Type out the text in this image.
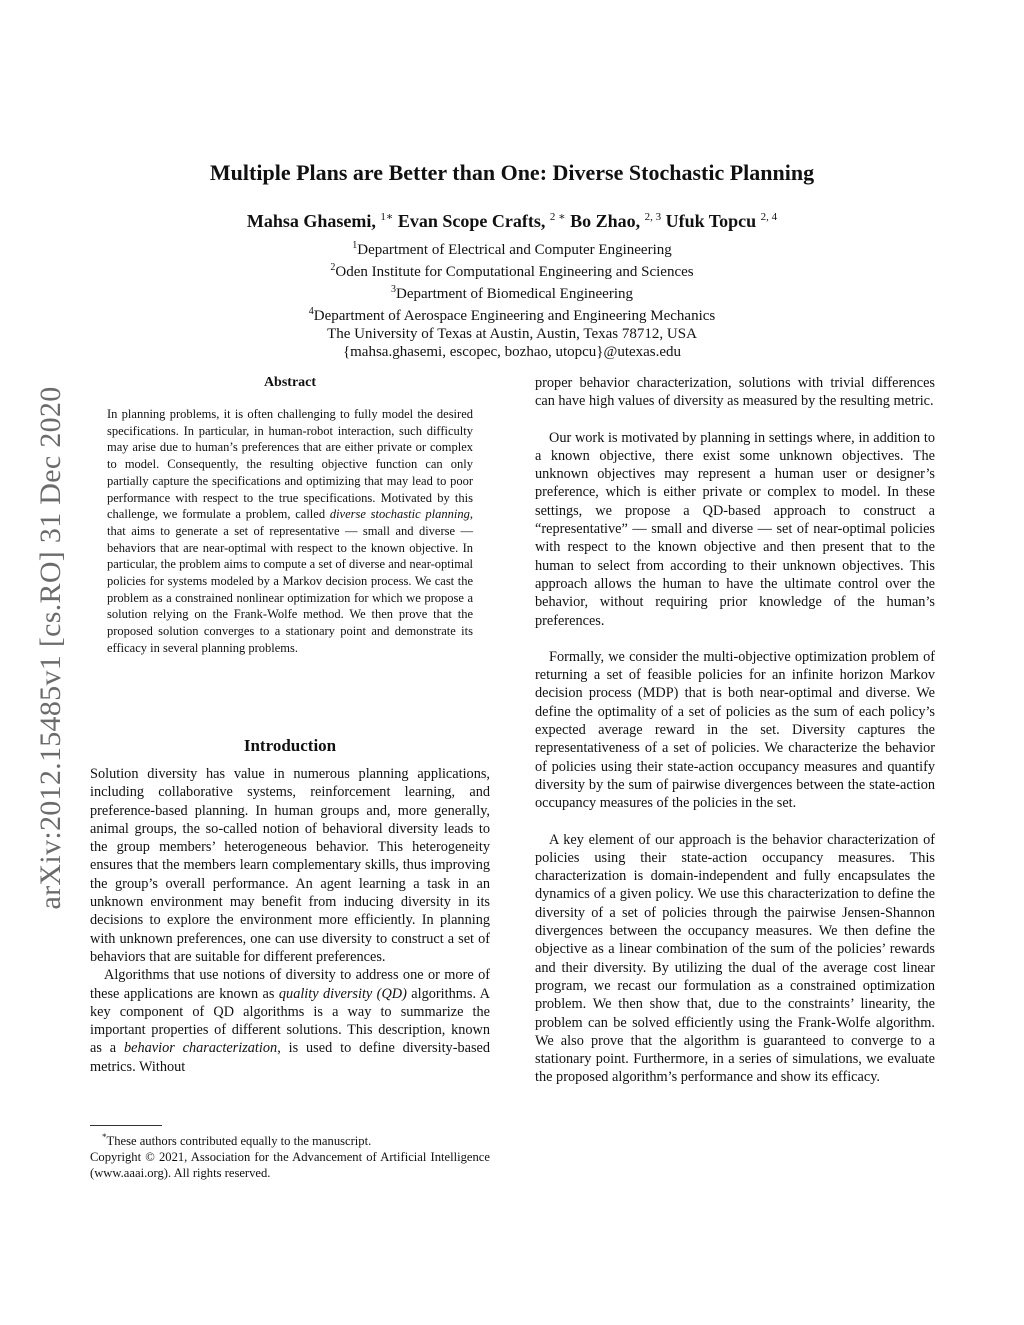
arXiv:2012.15485v1 [cs.RO] 31 Dec 2020
Multiple Plans are Better than One: Diverse Stochastic Planning
Mahsa Ghasemi, $^{1∗}$ Evan Scope Crafts, $^{2 ∗}$ Bo Zhao, $^{2, 3}$ Ufuk Topcu $^{2, 4}$
$^1$Department of Electrical and Computer Engineering
$^2$Oden Institute for Computational Engineering and Sciences
$^3$Department of Biomedical Engineering
$^4$Department of Aerospace Engineering and Engineering Mechanics
The University of Texas at Austin, Austin, Texas 78712, USA
{mahsa.ghasemi, escopec, bozhao, utopcu}@utexas.edu
Abstract
In planning problems, it is often challenging to fully model the desired specifications. In particular, in human-robot interaction, such difficulty may arise due to human’s preferences that are either private or complex to model. Consequently, the resulting objective function can only partially capture the specifications and optimizing that may lead to poor performance with respect to the true specifications. Motivated by this challenge, we formulate a problem, called diverse stochastic planning, that aims to generate a set of representative — small and diverse — behaviors that are near-optimal with respect to the known objective. In particular, the problem aims to compute a set of diverse and near-optimal policies for systems modeled by a Markov decision process. We cast the problem as a constrained nonlinear optimization for which we propose a solution relying on the Frank-Wolfe method. We then prove that the proposed solution converges to a stationary point and demonstrate its efficacy in several planning problems.
Introduction

Solution diversity has value in numerous planning applications, including collaborative systems, reinforcement learning, and preference-based planning. In human groups and, more generally, animal groups, the so-called notion of behavioral diversity leads to the group members’ heterogeneous behavior. This heterogeneity ensures that the members learn complementary skills, thus improving the group’s overall performance. An agent learning a task in an unknown environment may benefit from inducing diversity in its decisions to explore the environment more efficiently. In planning with unknown preferences, one can use diversity to construct a set of behaviors that are suitable for different preferences.

Algorithms that use notions of diversity to address one or more of these applications are known as quality diversity (QD) algorithms. A key component of QD algorithms is a way to summarize the important properties of different solutions. This description, known as a behavior characterization, is used to define diversity-based metrics. Without

*These authors contributed equally to the manuscript.
Copyright © 2021, Association for the Advancement of Artificial Intelligence (www.aaai.org). All rights reserved.

proper behavior characterization, solutions with trivial differences can have high values of diversity as measured by the resulting metric.

Our work is motivated by planning in settings where, in addition to a known objective, there exist some unknown objectives. The unknown objectives may represent a human user or designer’s preference, which is either private or complex to model. In these settings, we propose a QD-based approach to construct a “representative” — small and diverse — set of near-optimal policies with respect to the known objective and then present that to the human to select from according to their unknown objectives. This approach allows the human to have the ultimate control over the behavior, without requiring prior knowledge of the human’s preferences.

Formally, we consider the multi-objective optimization problem of returning a set of feasible policies for an infinite horizon Markov decision process (MDP) that is both near-optimal and diverse. We define the optimality of a set of policies as the sum of each policy’s expected average reward in the set. Diversity captures the representativeness of a set of policies. We characterize the behavior of policies using their state-action occupancy measures and quantify diversity by the sum of pairwise divergences between the state-action occupancy measures of the policies in the set.

A key element of our approach is the behavior characterization of policies using their state-action occupancy measures. This characterization is domain-independent and fully encapsulates the dynamics of a given policy. We use this characterization to define the diversity of a set of policies through the pairwise Jensen-Shannon divergences between the occupancy measures. We then define the objective as a linear combination of the sum of the policies’ rewards and their diversity. By utilizing the dual of the average cost linear program, we recast our formulation as a constrained optimization problem. We then show that, due to the constraints’ linearity, the problem can be solved efficiently using the Frank-Wolfe algorithm. We also prove that the algorithm is guaranteed to converge to a stationary point. Furthermore, in a series of simulations, we evaluate the proposed algorithm’s performance and show its efficacy.
